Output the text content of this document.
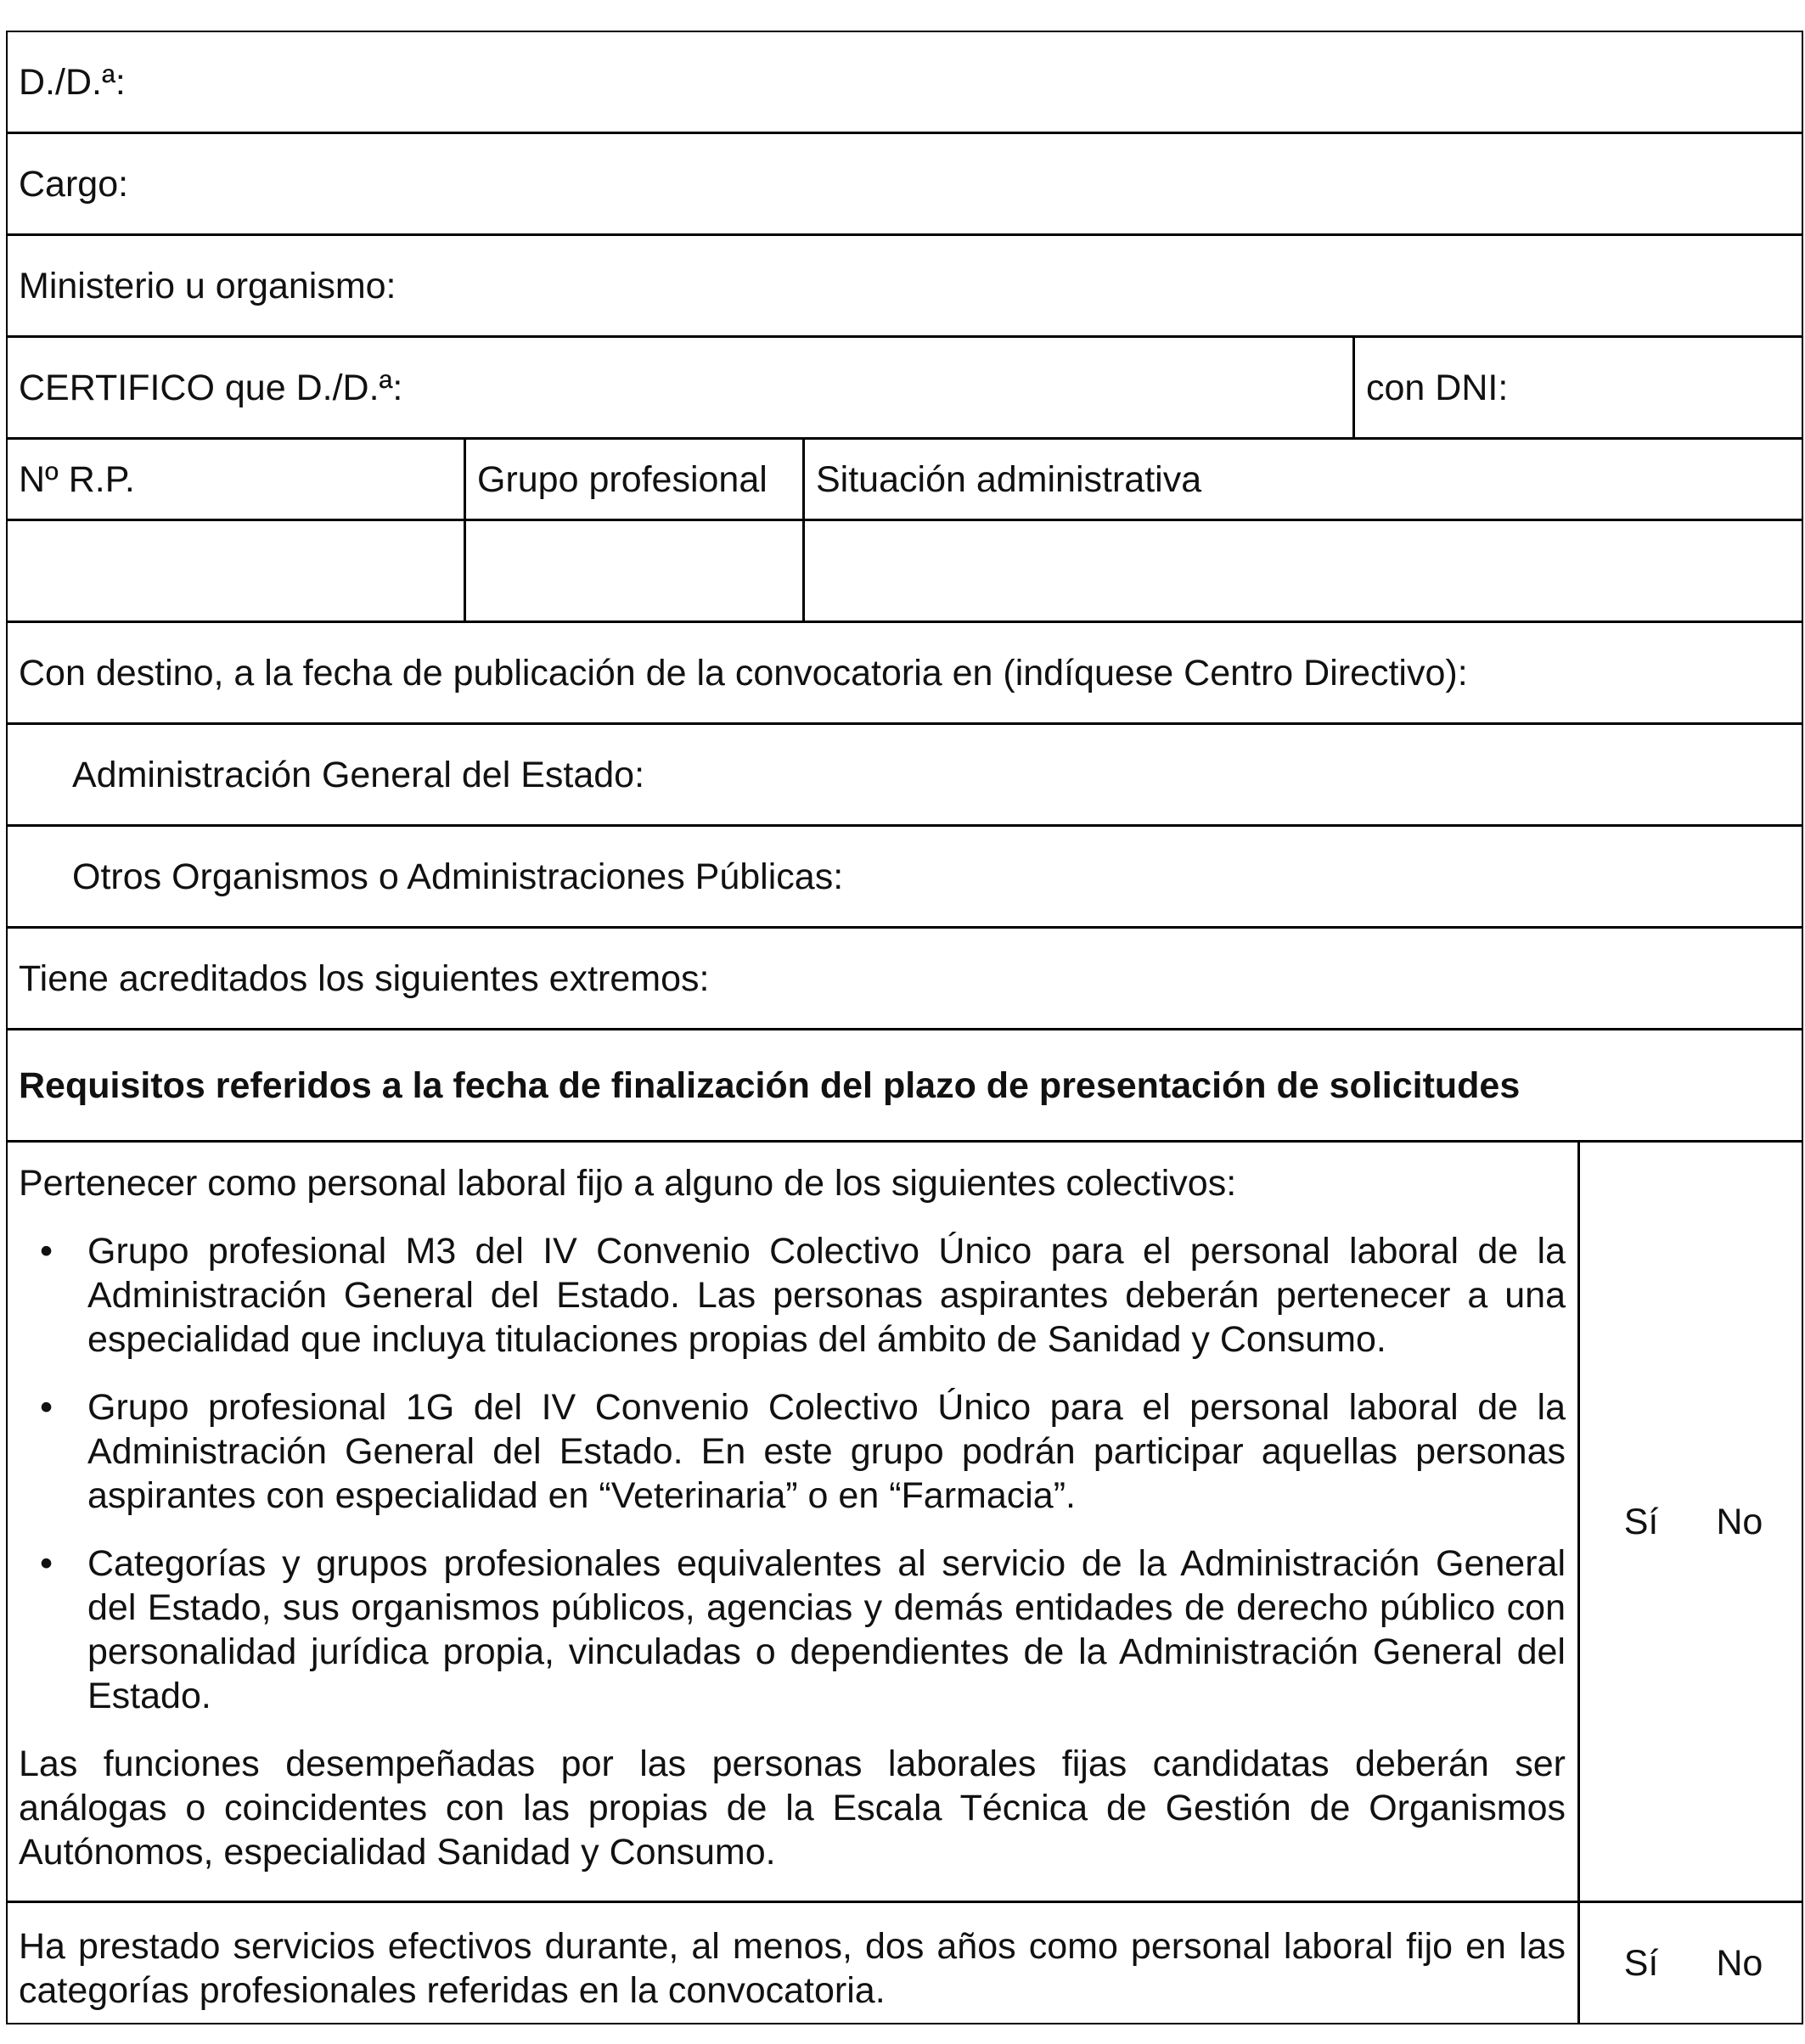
D./D.ª:
Cargo:
Ministerio u organismo:
CERTIFICO que D./D.ª:	con DNI:
Nº R.P.	Grupo profesional Situación administrativa
Con destino, a la fecha de publicación de la convocatoria en (indíquese Centro Directivo):
Administración General del Estado:
Otros Organismos o Administraciones Públicas:
Tiene acreditados los siguientes extremos:
Requisitos referidos a la fecha de finalización del plazo de presentación de solicitudes

Pertenecer como personal laboral fijo a alguno de los siguientes colectivos:

• Grupo profesional M3 del IV Convenio Colectivo Único para el personal laboral de la Administración General del Estado. Las personas aspirantes deberán pertenecer a una especialidad que incluya titulaciones propias del ámbito de Sanidad y Consumo.
• Grupo profesional 1G del IV Convenio Colectivo Único para el personal laboral de la Administración General del Estado. En este grupo podrán participar aquellas personas aspirantes con especialidad en “Veterinaria” o en “Farmacia”.
• Categorías y grupos profesionales equivalentes al servicio de la Administración General del Estado, sus organismos públicos, agencias y demás entidades de derecho público con personalidad jurídica propia, vinculadas o dependientes de la Administración General del Estado.

Las funciones desempeñadas por las personas laborales fijas candidatas deberán ser análogas o coincidentes con las propias de la Escala Técnica de Gestión de Organismos Autónomos, especialidad Sanidad y Consumo.

Sí No

Ha prestado servicios efectivos durante, al menos, dos años como personal laboral fijo en las categorías profesionales referidas en la convocatoria.

Sí No
